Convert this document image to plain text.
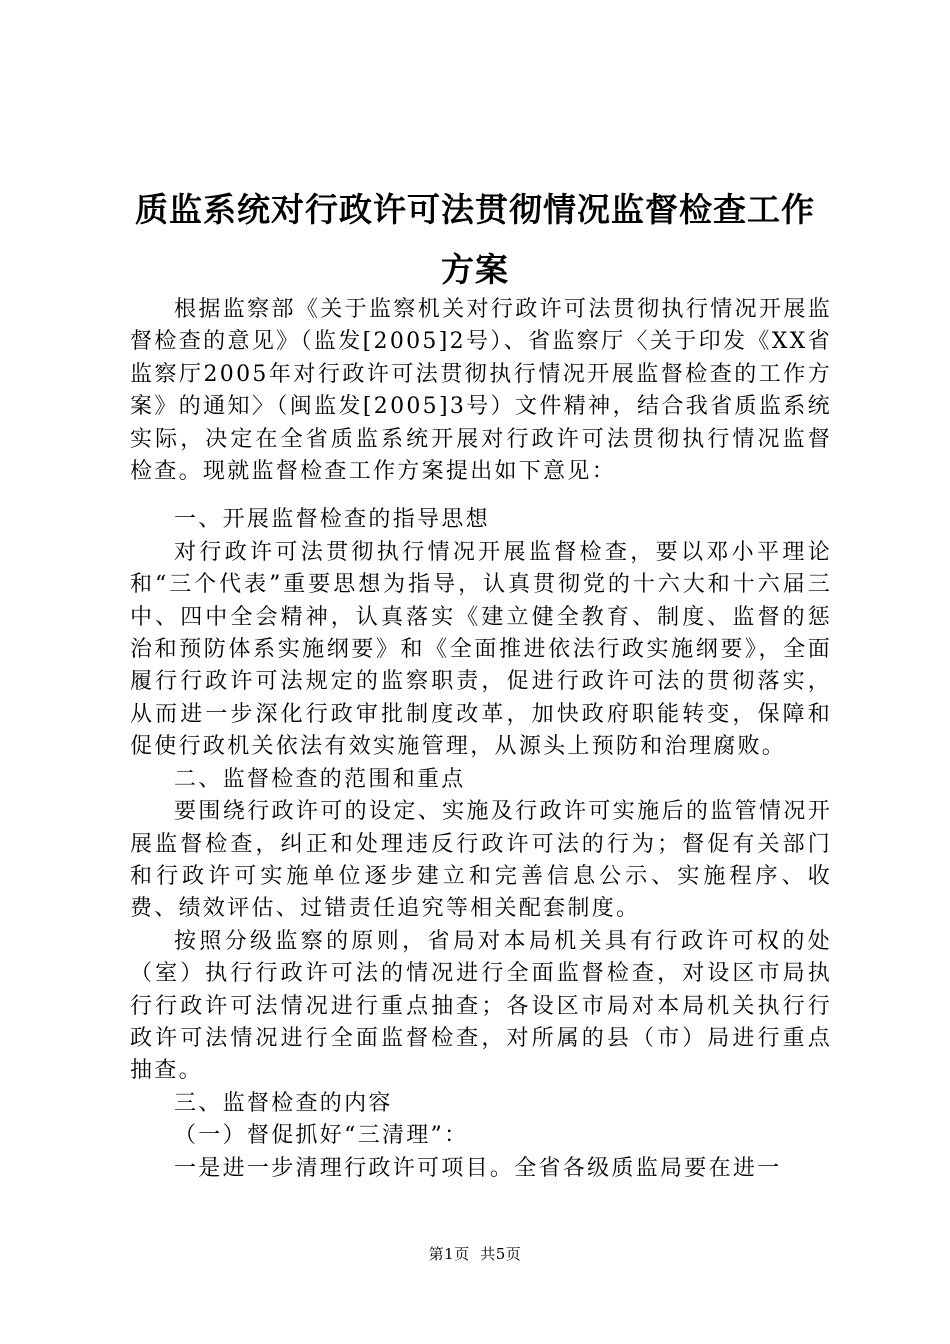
质监系统对行政许可法贯彻情况监督检查工作
方案

根据监察部《关于监察机关对行政许可法贯彻执行情况开展监督检查的意见》（监发[2005]2号）、省监察厅〈关于印发《XX省监察厅2005年对行政许可法贯彻执行情况开展监督检查的工作方案》的通知〉（闽监发[2005]3号）文件精神，结合我省质监系统实际，决定在全省质监系统开展对行政许可法贯彻执行情况监督检查。现就监督检查工作方案提出如下意见：

一、开展监督检查的指导思想

对行政许可法贯彻执行情况开展监督检查，要以邓小平理论和“三个代表”重要思想为指导，认真贯彻党的十六大和十六届三中、四中全会精神，认真落实《建立健全教育、制度、监督的惩治和预防体系实施纲要》和《全面推进依法行政实施纲要》，全面履行行政许可法规定的监察职责，促进行政许可法的贯彻落实，从而进一步深化行政审批制度改革，加快政府职能转变，保障和促使行政机关依法有效实施管理，从源头上预防和治理腐败。

二、监督检查的范围和重点

要围绕行政许可的设定、实施及行政许可实施后的监管情况开展监督检查，纠正和处理违反行政许可法的行为；督促有关部门和行政许可实施单位逐步建立和完善信息公示、实施程序、收费、绩效评估、过错责任追究等相关配套制度。

按照分级监察的原则，省局对本局机关具有行政许可权的处（室）执行行政许可法的情况进行全面监督检查，对设区市局执行行政许可法情况进行重点抽查；各设区市局对本局机关执行行政许可法情况进行全面监督检查，对所属的县（市）局进行重点抽查。

三、监督检查的内容

（一）督促抓好“三清理”：

一是进一步清理行政许可项目。全省各级质监局要在进一

第1页 共5页
